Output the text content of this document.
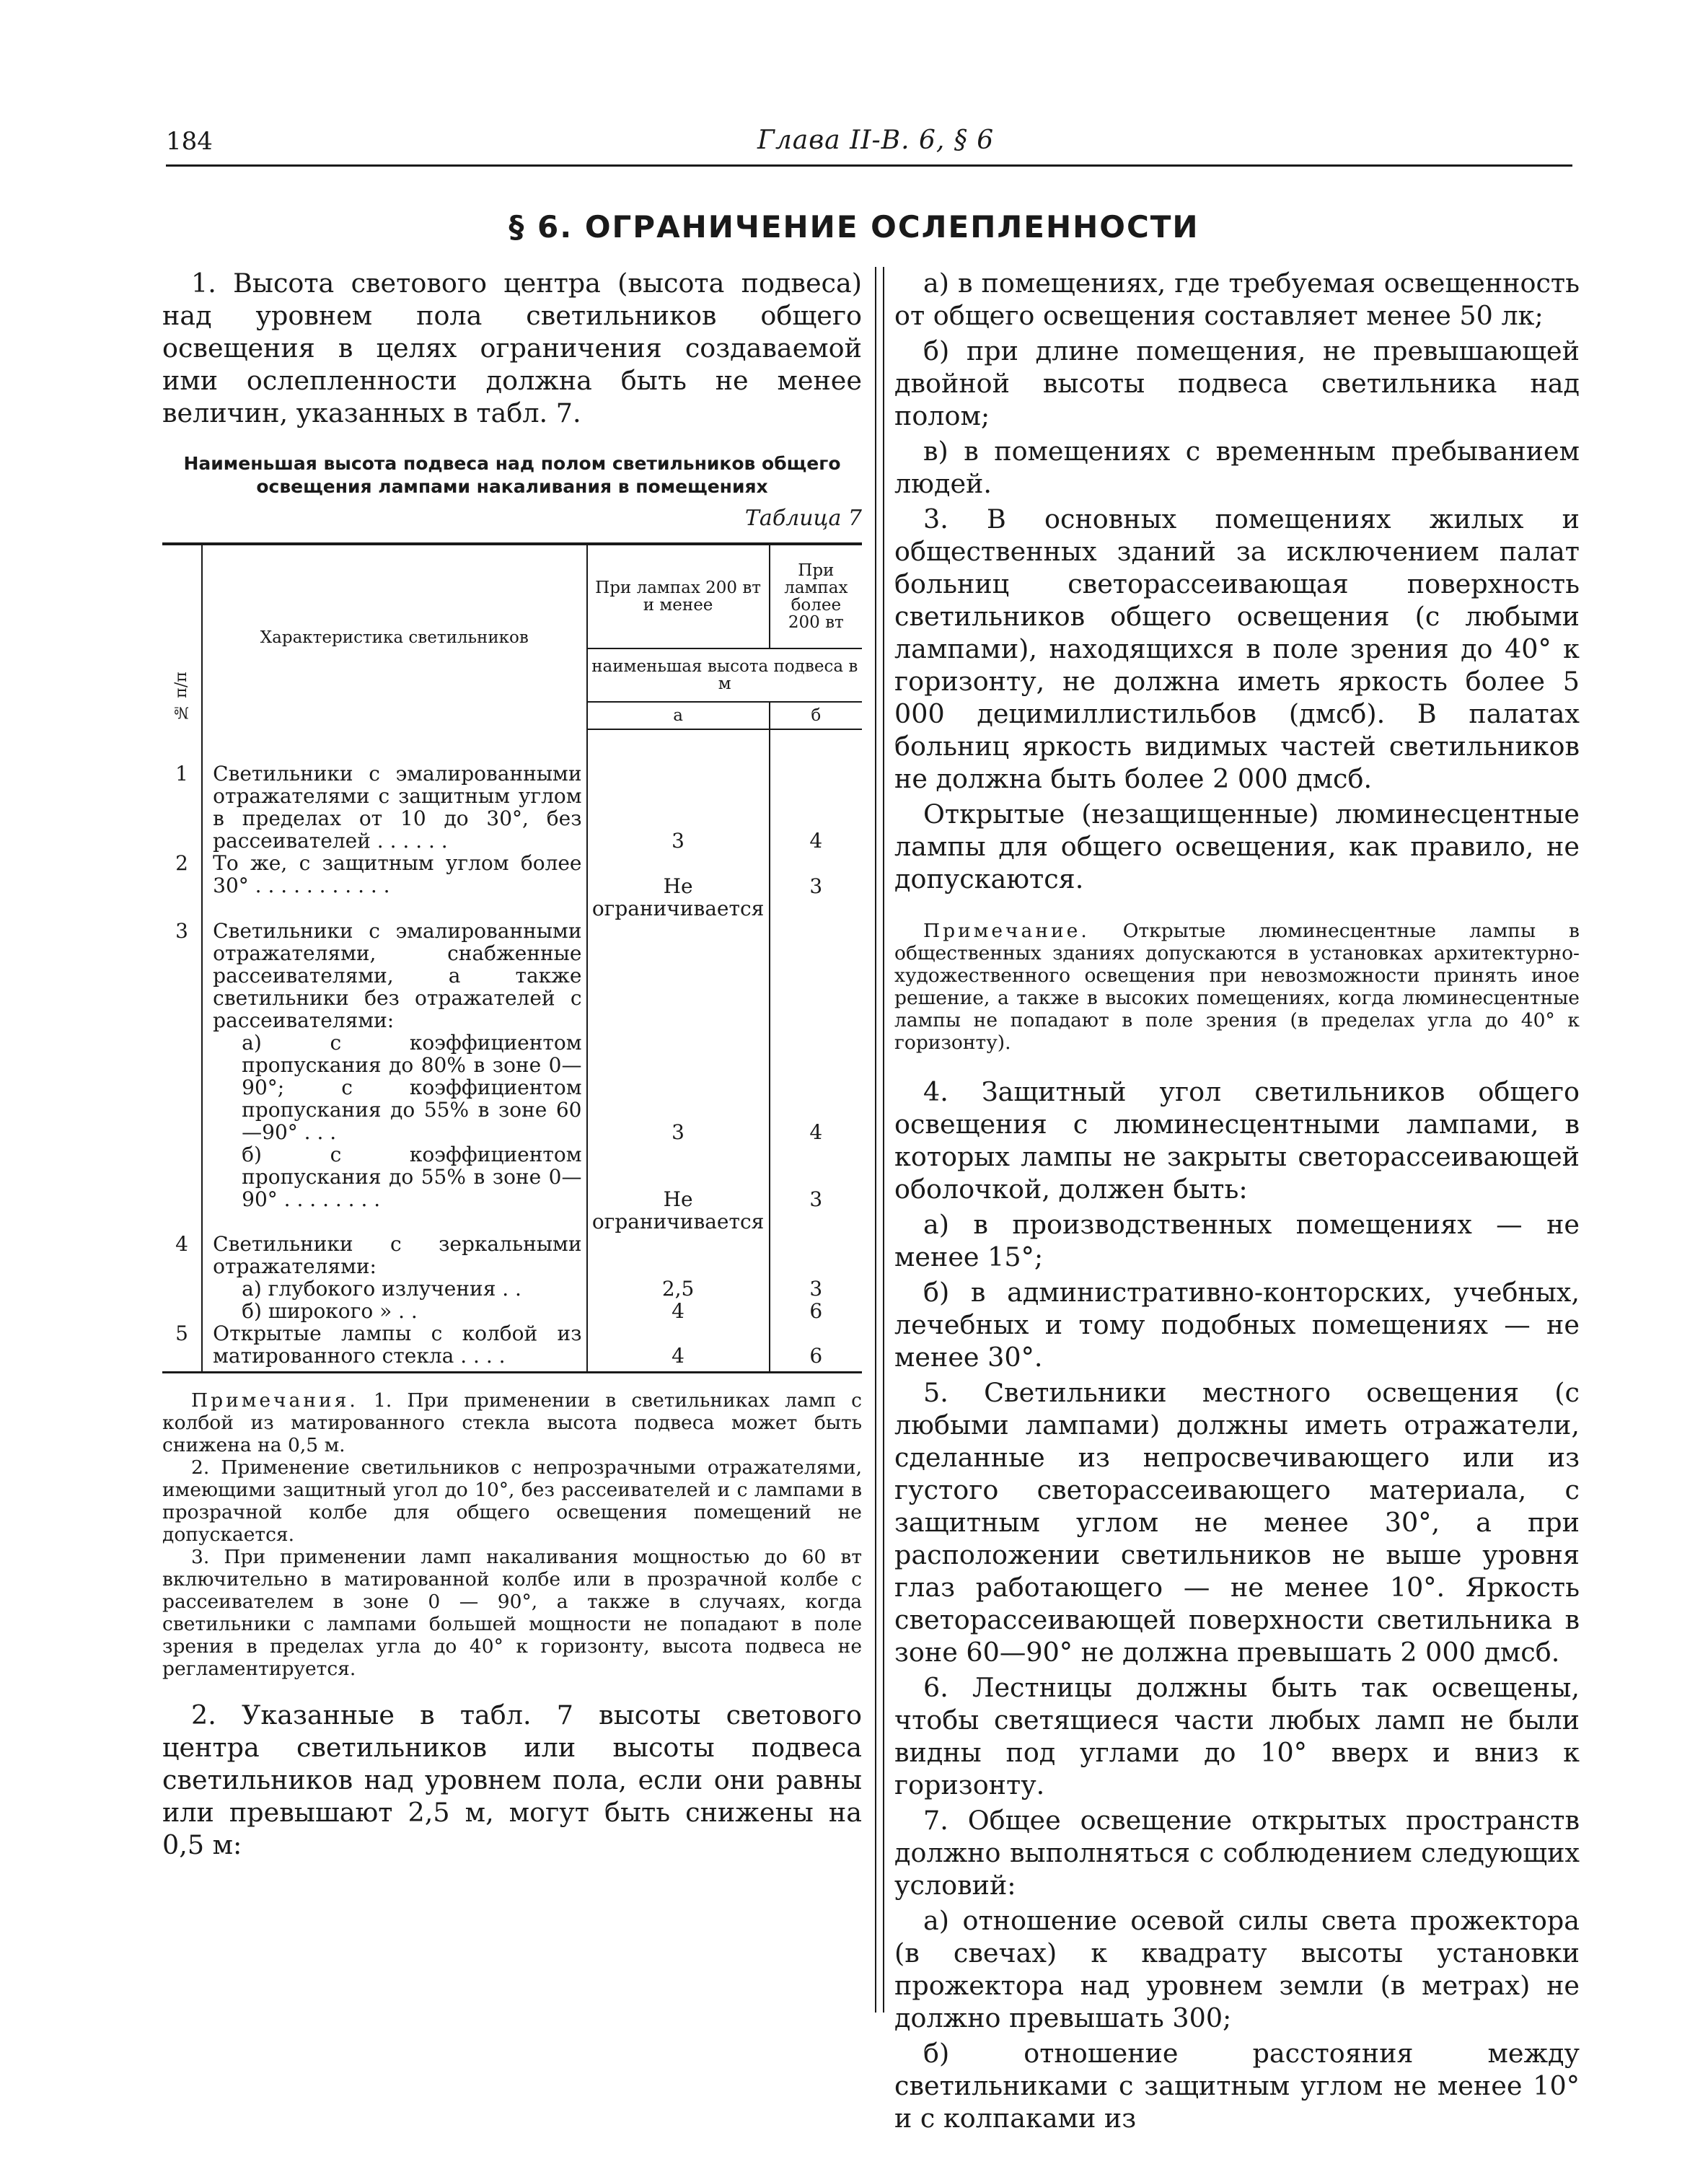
184	Глава II-В. 6, § 6
§ 6. ОГРАНИЧЕНИЕ ОСЛЕПЛЕННОСТИ

1. Высота светового центра (высота подвеса) над уровнем пола светильников общего освещения в целях ограничения создаваемой ими ослепленности должна быть не менее величин, указанных в табл. 7.

Наименьшая высота подвеса над полом светильников общего освещения лампами накаливания в помещениях
Таблица 7
№ п/п	Характеристика светильников	При лампах 200 вт и менее	При лампах более 200 вт
		наименьшая высота подвеса в м	
		а	б
1	Светильники с эмалированными отражателями с защитным углом в пределах от 10 до 30°, без рассеивателей . . . . . .	3	4
2	То же, с защитным углом более 30° . . . . . . . . . . .	Не ограничивается	3
3	Светильники с эмалированными отражателями, снабженные рассеивателями, а также светильники без отражателей с рассеивателями:		

	а) с коэффициентом пропускания до 80% в зоне 0—90°; с коэффициентом пропускания до 55% в зоне 60—90° . . .	3	4

	б) с коэффициентом пропускания до 55% в зоне 0—90° . . . . . . . .	Не ограничивается	3
4	Светильники с зеркальными отражателями:		

	а) глубокого излучения . .	2,5	3

	б) широкого » . .	4	6
5	Открытые лампы с колбой из матированного стекла . . . .	4	6

Примечания. 1. При применении в светильниках ламп с колбой из матированного стекла высота подвеса может быть снижена на 0,5 м.

2. Применение светильников с непрозрачными отражателями, имеющими защитный угол до 10°, без рассеивателей и с лампами в прозрачной колбе для общего освещения помещений не допускается.

3. При применении ламп накаливания мощностью до 60 вт включительно в матированной колбе или в прозрачной колбе с рассеивателем в зоне 0 — 90°, а также в случаях, когда светильники с лампами большей мощности не попадают в поле зрения в пределах угла до 40° к горизонту, высота подвеса не регламентируется.

2. Указанные в табл. 7 высоты светового центра светильников или высоты подвеса светильников над уровнем пола, если они равны или превышают 2,5 м, могут быть снижены на 0,5 м:

а) в помещениях, где требуемая освещенность от общего освещения составляет менее 50 лк;

б) при длине помещения, не превышающей двойной высоты подвеса светильника над полом;

в) в помещениях с временным пребыванием людей.

3. В основных помещениях жилых и общественных зданий за исключением палат больниц светорассеивающая поверхность светильников общего освещения (с любыми лампами), находящихся в поле зрения до 40° к горизонту, не должна иметь яркость более 5 000 децимиллистильбов (дмсб). В палатах больниц яркость видимых частей светильников не должна быть более 2 000 дмсб.

Открытые (незащищенные) люминесцентные лампы для общего освещения, как правило, не допускаются.

Примечание. Открытые люминесцентные лампы в общественных зданиях допускаются в установках архитектурно-художественного освещения при невозможности принять иное решение, а также в высоких помещениях, когда люминесцентные лампы не попадают в поле зрения (в пределах угла до 40° к горизонту).

4. Защитный угол светильников общего освещения с люминесцентными лампами, в которых лампы не закрыты светорассеивающей оболочкой, должен быть:

а) в производственных помещениях — не менее 15°;

б) в административно-конторских, учебных, лечебных и тому подобных помещениях — не менее 30°.

5. Светильники местного освещения (с любыми лампами) должны иметь отражатели, сделанные из непросвечивающего или из густого светорассеивающего материала, с защитным углом не менее 30°, а при расположении светильников не выше уровня глаз работающего — не менее 10°. Яркость светорассеивающей поверхности светильника в зоне 60—90° не должна превышать 2 000 дмсб.

6. Лестницы должны быть так освещены, чтобы светящиеся части любых ламп не были видны под углами до 10° вверх и вниз к горизонту.

7. Общее освещение открытых пространств должно выполняться с соблюдением следующих условий:

а) отношение осевой силы света прожектора (в свечах) к квадрату высоты установки прожектора над уровнем земли (в метрах) не должно превышать 300;

б) отношение расстояния между светильниками с защитным углом не менее 10° и с колпаками из
